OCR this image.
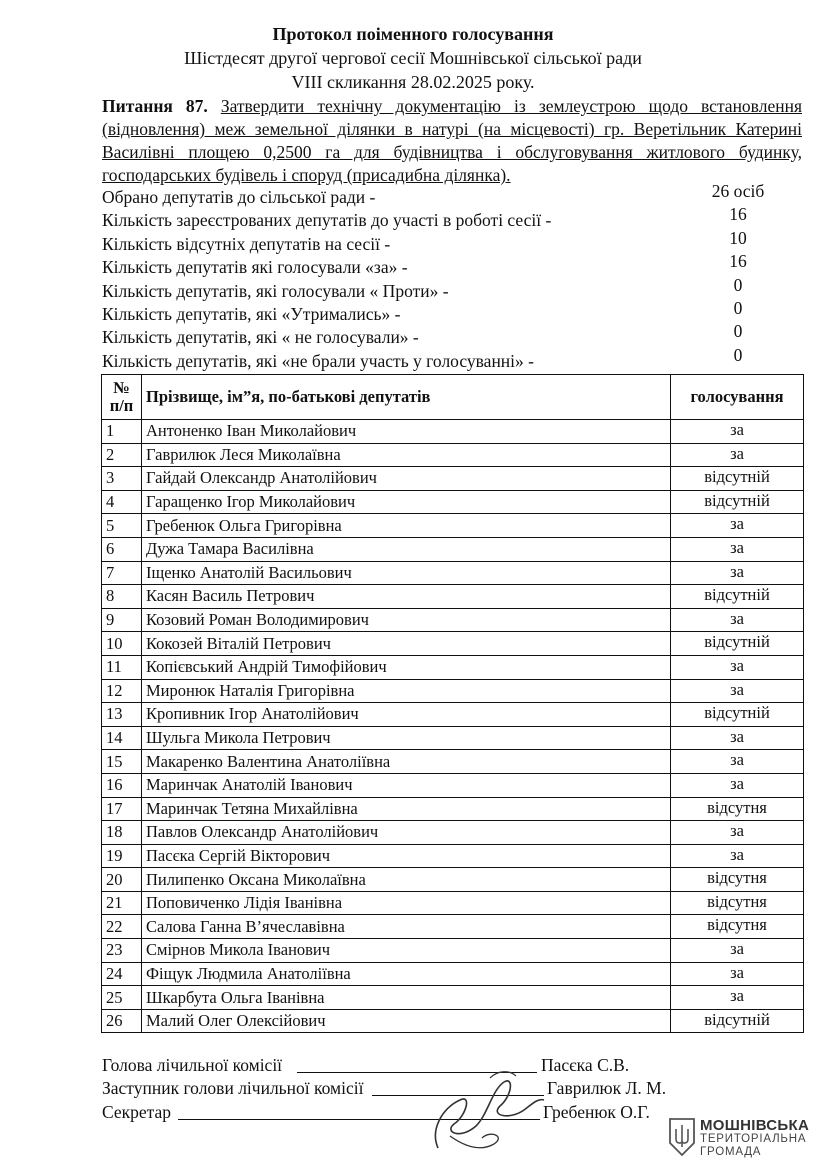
Протокол поіменного голосування
Шістдесят другої чергової сесії Мошнівської сільської ради
VIII скликання 28.02.2025 року.
Питання 87. Затвердити технічну документацію із землеустрою щодо встановлення (відновлення) меж земельної ділянки в натурі (на місцевості) гр. Веретільник Катерині Василівні площею 0,2500 га для будівництва і обслуговування житлового будинку, господарських будівель і споруд (присадибна ділянка).
Обрано депутатів до сільської ради -	26 осіб
Кількість зареєстрованих депутатів до участі в роботі сесії -	16
Кількість відсутніх депутатів на сесії -	10
Кількість депутатів які голосували «за» -	16
Кількість депутатів, які голосували « Проти» -	0
Кількість депутатів, які «Утримались» -	0
Кількість депутатів, які « не голосували» -	0
Кількість депутатів, які «не брали участь у голосуванні» -	0
№
п/п	Прізвище, ім”я, по-батькові депутатів	голосування
1	Антоненко Іван Миколайович	за
2	Гаврилюк Леся Миколаївна	за
3	Гайдай Олександр Анатолійович	відсутній
4	Гаращенко Ігор Миколайович	відсутній
5	Гребенюк Ольга Григорівна	за
6	Дужа Тамара Василівна	за
7	Іщенко Анатолій Васильович	за
8	Касян Василь Петрович	відсутній
9	Козовий Роман Володимирович	за
10	Кокозей Віталій Петрович	відсутній
11	Копієвський Андрій Тимофійович	за
12	Миронюк Наталія Григорівна	за
13	Кропивник Ігор Анатолійович	відсутній
14	Шульга Микола Петрович	за
15	Макаренко Валентина Анатоліївна	за
16	Маринчак Анатолій Іванович	за
17	Маринчак Тетяна Михайлівна	відсутня
18	Павлов Олександр Анатолійович	за
19	Пасєка Сергій Вікторович	за
20	Пилипенко Оксана Миколаївна	відсутня
21	Поповиченко Лідія Іванівна	відсутня
22	Салова Ганна В’ячеславівна	відсутня
23	Смірнов Микола Іванович	за
24	Фіщук Людмила Анатоліївна	за
25	Шкарбута Ольга Іванівна	за
26	Малий Олег Олексійович	відсутній
Голова лічильної комісії	Пасєка С.В.
Заступник голови лічильної комісії	Гаврилюк Л. М.
Секретар	Гребенюк О.Г.
МОШНІВСЬКА
ТЕРИТОРІАЛЬНА
ГРОМАДА
